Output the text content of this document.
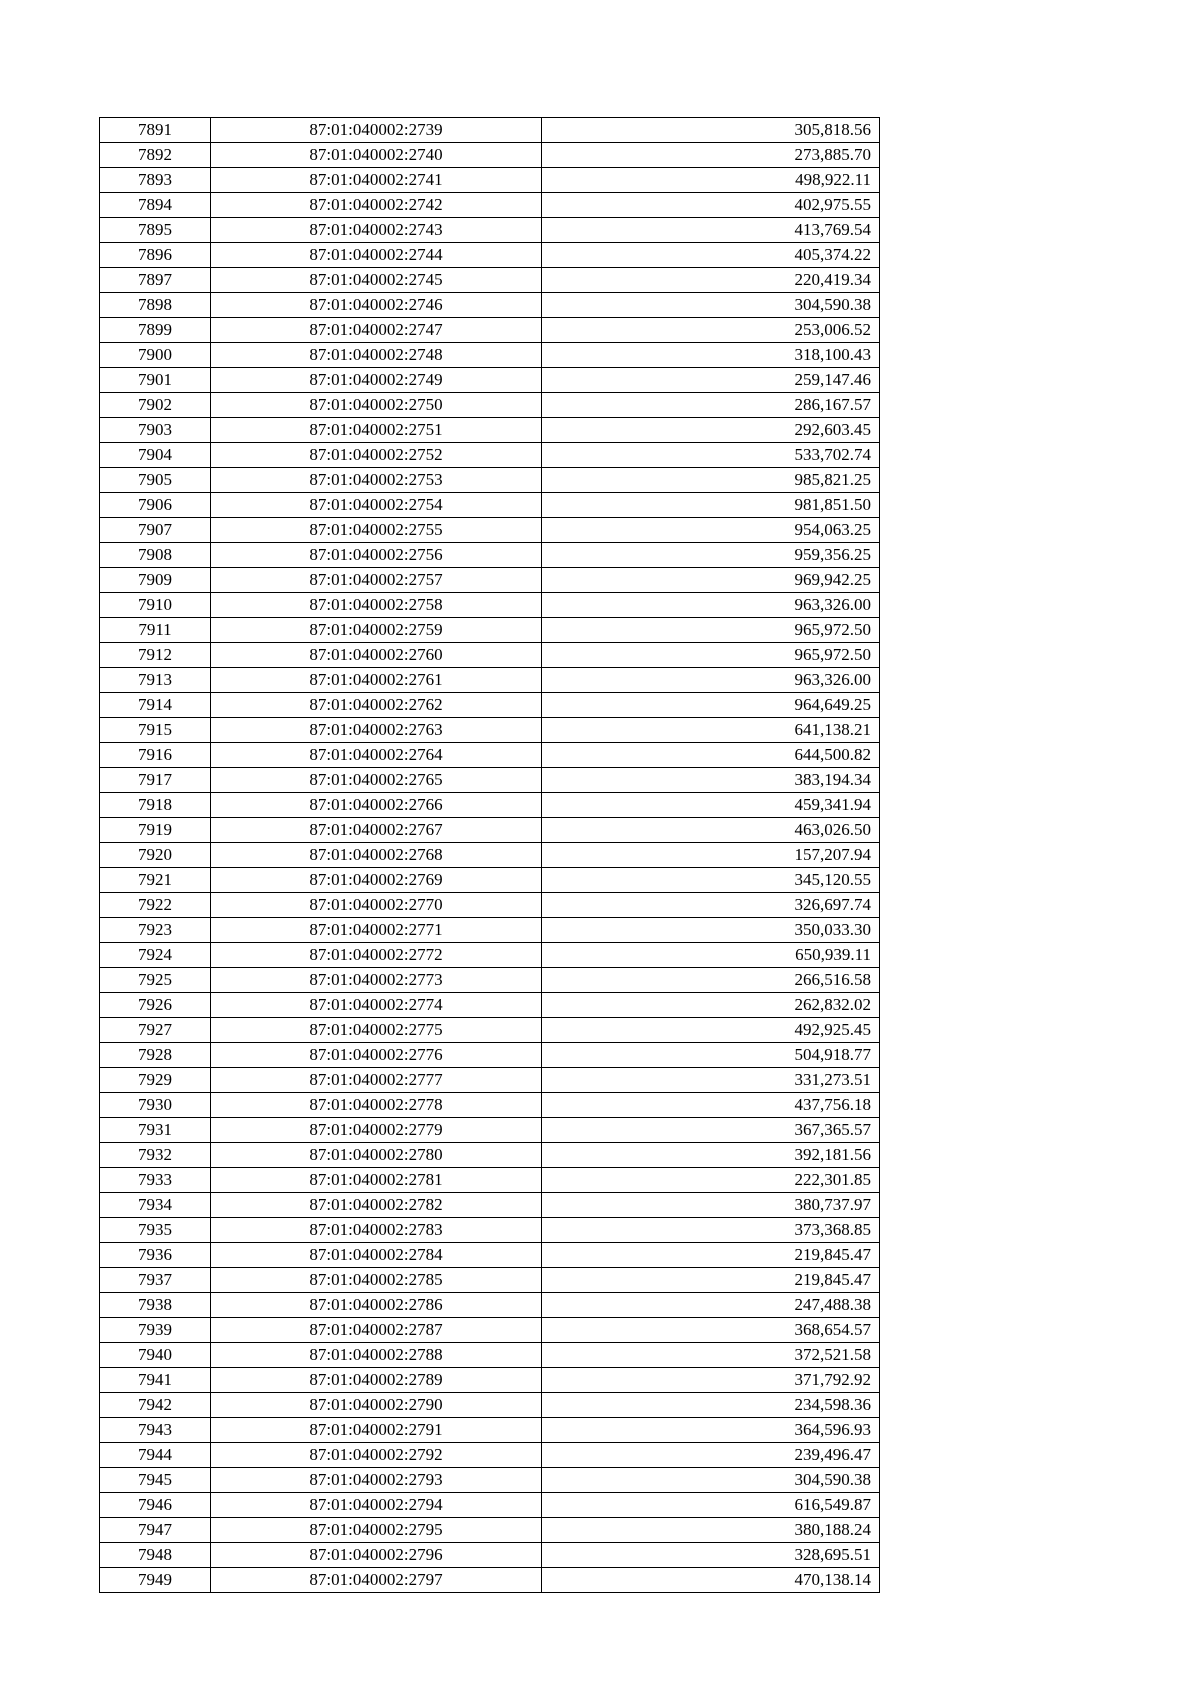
7891	87:01:040002:2739	305,818.56
7892	87:01:040002:2740	273,885.70
7893	87:01:040002:2741	498,922.11
7894	87:01:040002:2742	402,975.55
7895	87:01:040002:2743	413,769.54
7896	87:01:040002:2744	405,374.22
7897	87:01:040002:2745	220,419.34
7898	87:01:040002:2746	304,590.38
7899	87:01:040002:2747	253,006.52
7900	87:01:040002:2748	318,100.43
7901	87:01:040002:2749	259,147.46
7902	87:01:040002:2750	286,167.57
7903	87:01:040002:2751	292,603.45
7904	87:01:040002:2752	533,702.74
7905	87:01:040002:2753	985,821.25
7906	87:01:040002:2754	981,851.50
7907	87:01:040002:2755	954,063.25
7908	87:01:040002:2756	959,356.25
7909	87:01:040002:2757	969,942.25
7910	87:01:040002:2758	963,326.00
7911	87:01:040002:2759	965,972.50
7912	87:01:040002:2760	965,972.50
7913	87:01:040002:2761	963,326.00
7914	87:01:040002:2762	964,649.25
7915	87:01:040002:2763	641,138.21
7916	87:01:040002:2764	644,500.82
7917	87:01:040002:2765	383,194.34
7918	87:01:040002:2766	459,341.94
7919	87:01:040002:2767	463,026.50
7920	87:01:040002:2768	157,207.94
7921	87:01:040002:2769	345,120.55
7922	87:01:040002:2770	326,697.74
7923	87:01:040002:2771	350,033.30
7924	87:01:040002:2772	650,939.11
7925	87:01:040002:2773	266,516.58
7926	87:01:040002:2774	262,832.02
7927	87:01:040002:2775	492,925.45
7928	87:01:040002:2776	504,918.77
7929	87:01:040002:2777	331,273.51
7930	87:01:040002:2778	437,756.18
7931	87:01:040002:2779	367,365.57
7932	87:01:040002:2780	392,181.56
7933	87:01:040002:2781	222,301.85
7934	87:01:040002:2782	380,737.97
7935	87:01:040002:2783	373,368.85
7936	87:01:040002:2784	219,845.47
7937	87:01:040002:2785	219,845.47
7938	87:01:040002:2786	247,488.38
7939	87:01:040002:2787	368,654.57
7940	87:01:040002:2788	372,521.58
7941	87:01:040002:2789	371,792.92
7942	87:01:040002:2790	234,598.36
7943	87:01:040002:2791	364,596.93
7944	87:01:040002:2792	239,496.47
7945	87:01:040002:2793	304,590.38
7946	87:01:040002:2794	616,549.87
7947	87:01:040002:2795	380,188.24
7948	87:01:040002:2796	328,695.51
7949	87:01:040002:2797	470,138.14
